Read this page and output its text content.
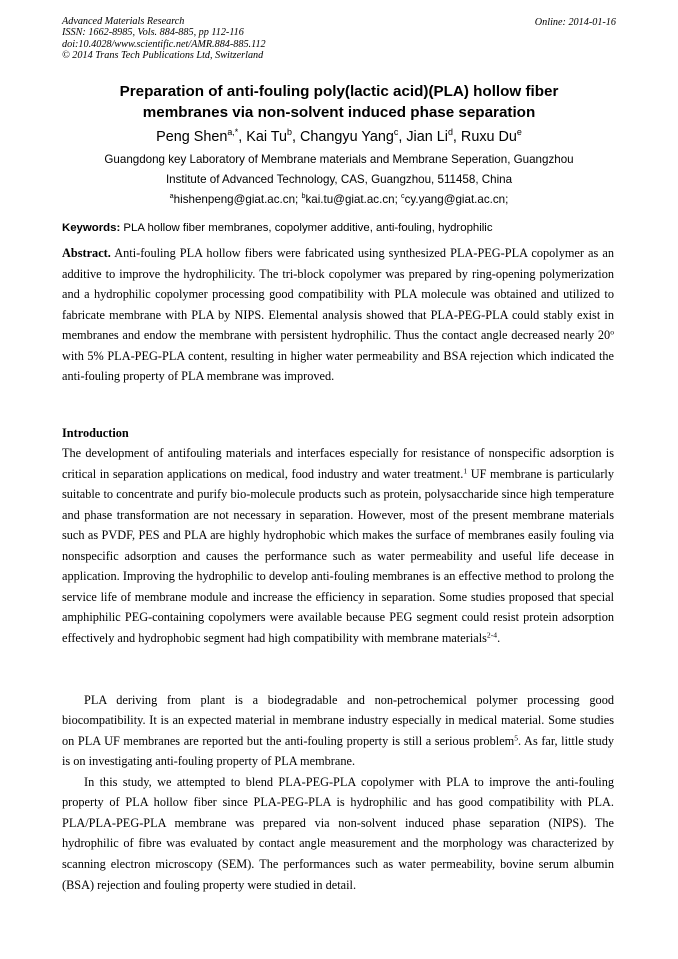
Advanced Materials Research
ISSN: 1662-8985, Vols. 884-885, pp 112-116
doi:10.4028/www.scientific.net/AMR.884-885.112
© 2014 Trans Tech Publications Ltd, Switzerland
Online: 2014-01-16
Preparation of anti-fouling poly(lactic acid)(PLA) hollow fiber
membranes via non-solvent induced phase separation
Peng Shen$^{a,*}$, Kai Tu$^b$, Changyu Yang$^c$, Jian Li$^d$, Ruxu Du$^e$
Guangdong key Laboratory of Membrane materials and Membrane Seperation, Guangzhou
Institute of Advanced Technology, CAS, Guangzhou, 511458, China
$^a$hishenpeng@giat.ac.cn; $^b$kai.tu@giat.ac.cn; $^c$cy.yang@giat.ac.cn;
Keywords: PLA hollow fiber membranes, copolymer additive, anti-fouling, hydrophilic
Abstract. Anti-fouling PLA hollow fibers were fabricated using synthesized PLA-PEG-PLA copolymer as an additive to improve the hydrophilicity. The tri-block copolymer was prepared by ring-opening polymerization and a hydrophilic copolymer processing good compatibility with PLA molecule was obtained and utilized to fabricate membrane with PLA by NIPS. Elemental analysis showed that PLA-PEG-PLA could stably exist in membranes and endow the membrane with persistent hydrophilic. Thus the contact angle decreased nearly 20$^o$ with 5% PLA-PEG-PLA content, resulting in higher water permeability and BSA rejection which indicated the anti-fouling property of PLA membrane was improved.
Introduction
The development of antifouling materials and interfaces especially for resistance of nonspecific adsorption is critical in separation applications on medical, food industry and water treatment.$^1$ UF membrane is particularly suitable to concentrate and purify bio-molecule products such as protein, polysaccharide since high temperature and phase transformation are not necessary in separation. However, most of the present membrane materials such as PVDF, PES and PLA are highly hydrophobic which makes the surface of membranes easily fouling via nonspecific adsorption and causes the performance such as water permeability and useful life decease in application. Improving the hydrophilic to develop anti-fouling membranes is an effective method to prolong the service life of membrane module and increase the efficiency in separation. Some studies proposed that special amphiphilic PEG-containing copolymers were available because PEG segment could resist protein adsorption effectively and hydrophobic segment had high compatibility with membrane materials$^{2-4}$.
PLA deriving from plant is a biodegradable and non-petrochemical polymer processing good biocompatibility. It is an expected material in membrane industry especially in medical material. Some studies on PLA UF membranes are reported but the anti-fouling property is still a serious problem$^5$. As far, little study is on investigating anti-fouling property of PLA membrane.
In this study, we attempted to blend PLA-PEG-PLA copolymer with PLA to improve the anti-fouling property of PLA hollow fiber since PLA-PEG-PLA is hydrophilic and has good compatibility with PLA. PLA/PLA-PEG-PLA membrane was prepared via non-solvent induced phase separation (NIPS). The hydrophilic of fibre was evaluated by contact angle measurement and the morphology was characterized by scanning electron microscopy (SEM). The performances such as water permeability, bovine serum albumin (BSA) rejection and fouling property were studied in detail.
